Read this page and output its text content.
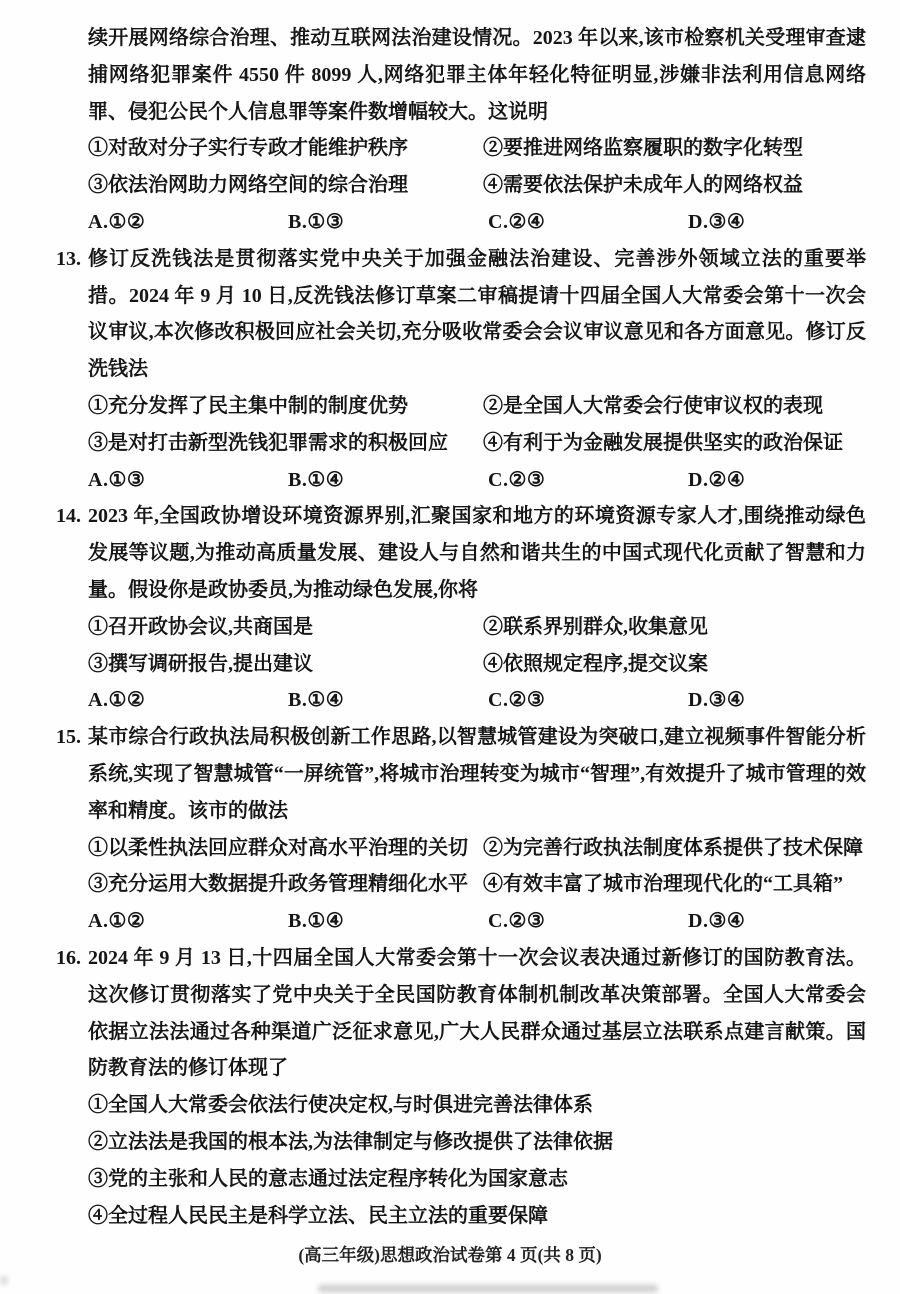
续开展网络综合治理、推动互联网法治建设情况。2023 年以来,该市检察机关受理审查逮捕网络犯罪案件 4550 件 8099 人,网络犯罪主体年轻化特征明显,涉嫌非法利用信息网络罪、侵犯公民个人信息罪等案件数增幅较大。这说明
①对敌对分子实行专政才能维护秩序	②要推进网络监察履职的数字化转型
③依法治网助力网络空间的综合治理	④需要依法保护未成年人的网络权益
A.①②	B.①③	C.②④	D.③④
13. 修订反洗钱法是贯彻落实党中央关于加强金融法治建设、完善涉外领域立法的重要举措。2024 年 9 月 10 日,反洗钱法修订草案二审稿提请十四届全国人大常委会第十一次会议审议,本次修改积极回应社会关切,充分吸收常委会会议审议意见和各方面意见。修订反洗钱法
①充分发挥了民主集中制的制度优势	②是全国人大常委会行使审议权的表现
③是对打击新型洗钱犯罪需求的积极回应	④有利于为金融发展提供坚实的政治保证
A.①③	B.①④	C.②③	D.②④
14. 2023 年,全国政协增设环境资源界别,汇聚国家和地方的环境资源专家人才,围绕推动绿色发展等议题,为推动高质量发展、建设人与自然和谐共生的中国式现代化贡献了智慧和力量。假设你是政协委员,为推动绿色发展,你将
①召开政协会议,共商国是	②联系界别群众,收集意见
③撰写调研报告,提出建议	④依照规定程序,提交议案
A.①②	B.①④	C.②③	D.③④
15. 某市综合行政执法局积极创新工作思路,以智慧城管建设为突破口,建立视频事件智能分析系统,实现了智慧城管“一屏统管”,将城市治理转变为城市“智理”,有效提升了城市管理的效率和精度。该市的做法
①以柔性执法回应群众对高水平治理的关切 ②为完善行政执法制度体系提供了技术保障
③充分运用大数据提升政务管理精细化水平 ④有效丰富了城市治理现代化的“工具箱”
A.①②	B.①④	C.②③	D.③④
16. 2024 年 9 月 13 日,十四届全国人大常委会第十一次会议表决通过新修订的国防教育法。这次修订贯彻落实了党中央关于全民国防教育体制机制改革决策部署。全国人大常委会依据立法法通过各种渠道广泛征求意见,广大人民群众通过基层立法联系点建言献策。国防教育法的修订体现了
①全国人大常委会依法行使决定权,与时俱进完善法律体系
②立法法是我国的根本法,为法律制定与修改提供了法律依据
③党的主张和人民的意志通过法定程序转化为国家意志
④全过程人民民主是科学立法、民主立法的重要保障
(高三年级)思想政治试卷第 4 页(共 8 页)
